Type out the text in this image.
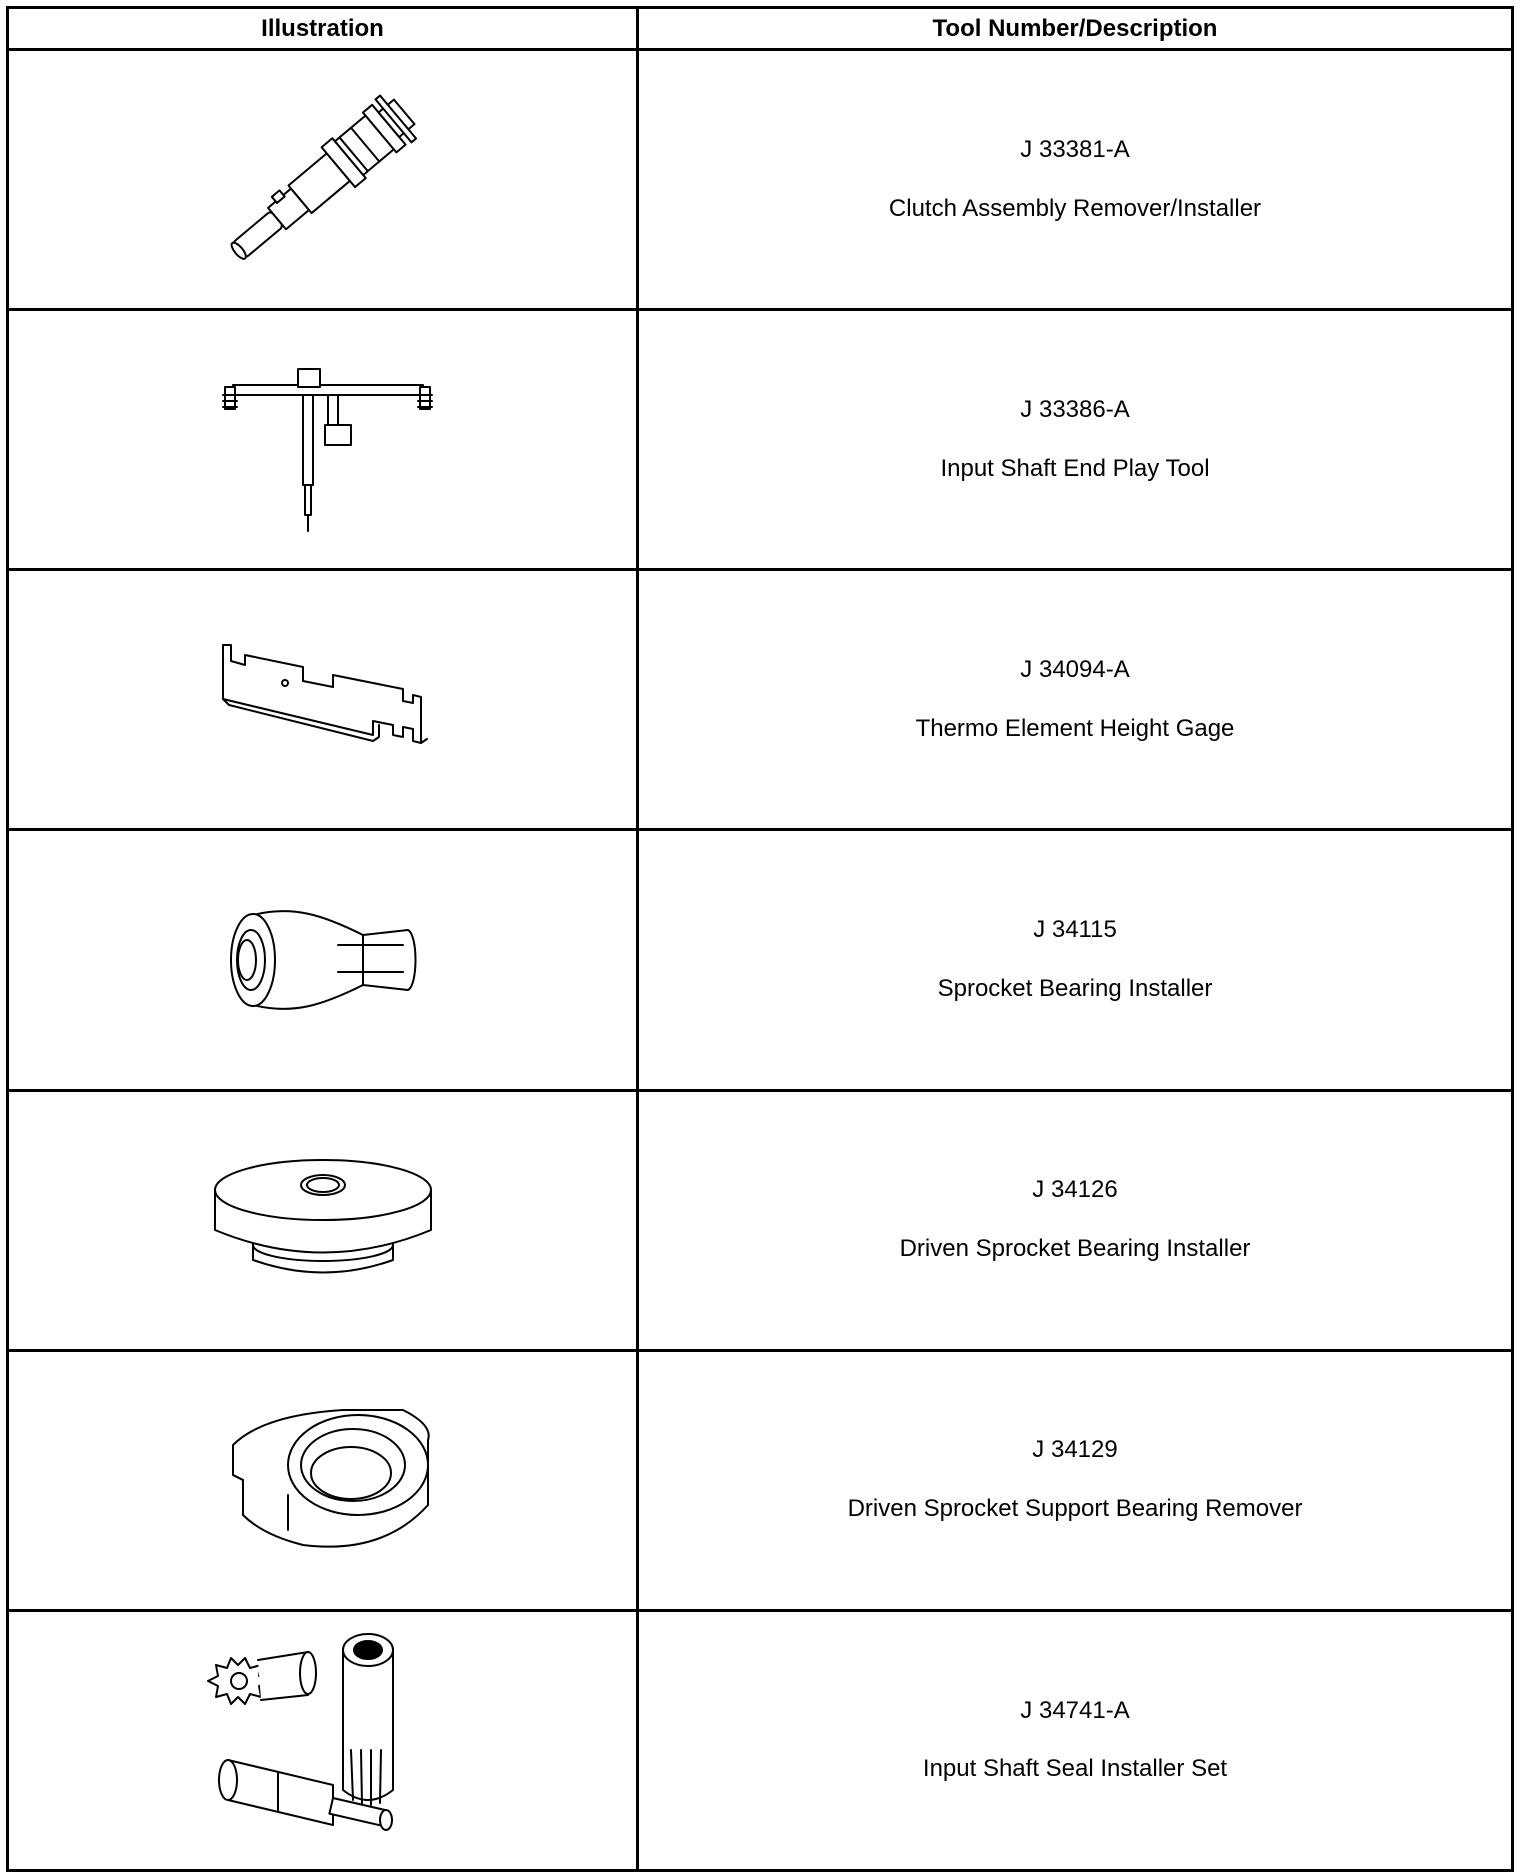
Illustration	Tool Number/Description

J 33381-A
Clutch Assembly Remover/Installer

J 33386-A
Input Shaft End Play Tool

J 34094-A
Thermo Element Height Gage

J 34115
Sprocket Bearing Installer

J 34126
Driven Sprocket Bearing Installer

J 34129
Driven Sprocket Support Bearing Remover

J 34741-A
Input Shaft Seal Installer Set
